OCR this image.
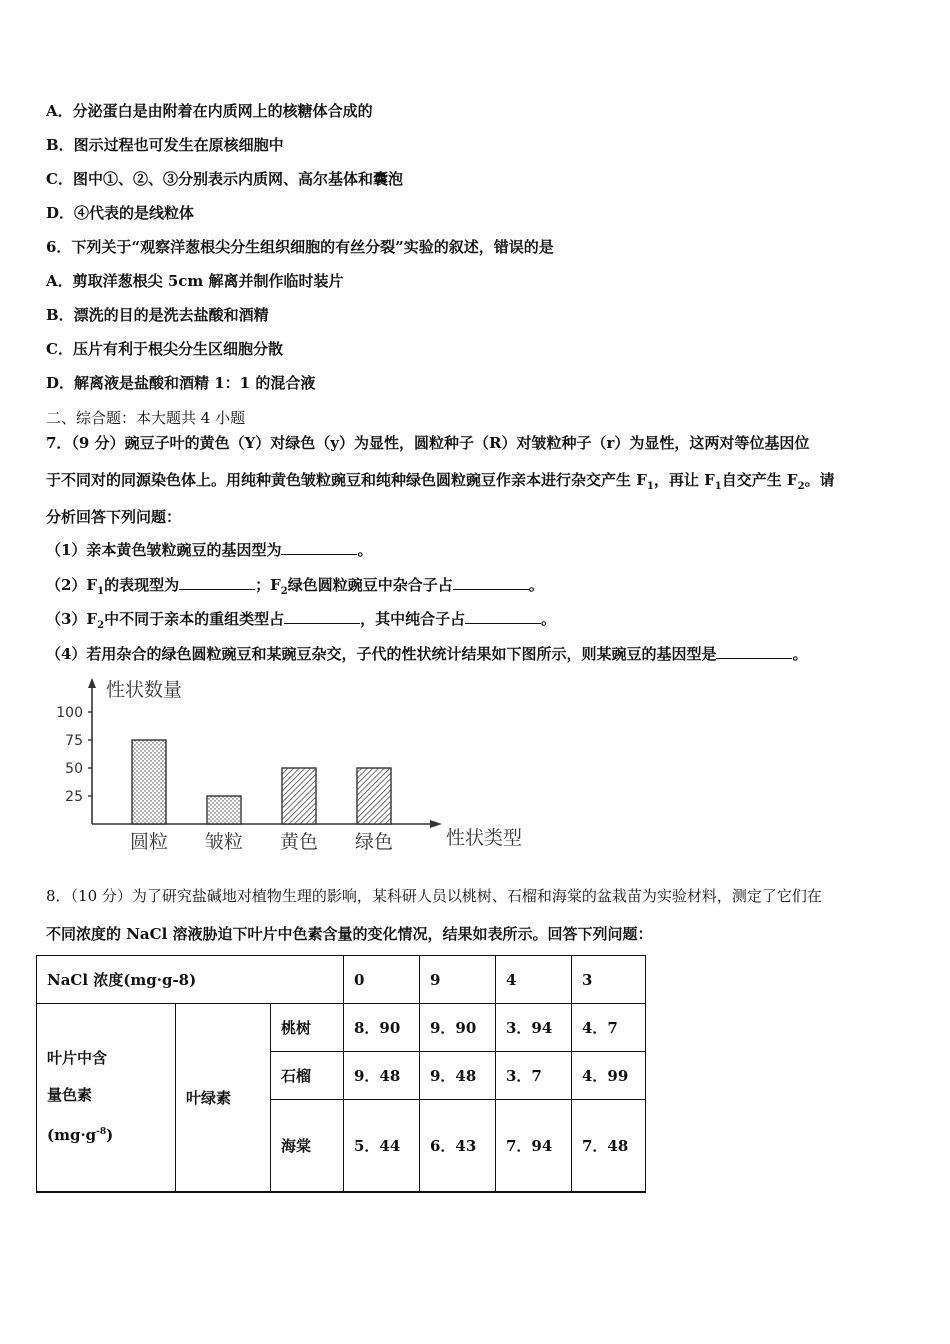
A．分泌蛋白是由附着在内质网上的核糖体合成的
B．图示过程也可发生在原核细胞中
C．图中①、②、③分别表示内质网、高尔基体和囊泡
D．④代表的是线粒体
6．下列关于“观察洋葱根尖分生组织细胞的有丝分裂”实验的叙述，错误的是
A．剪取洋葱根尖 5cm 解离并制作临时装片
B．漂洗的目的是洗去盐酸和酒精
C．压片有利于根尖分生区细胞分散
D．解离液是盐酸和酒精 1：1 的混合液
二、综合题：本大题共 4 小题
7．（9 分）豌豆子叶的黄色（Y）对绿色（y）为显性，圆粒种子（R）对皱粒种子（r）为显性，这两对等位基因位
于不同对的同源染色体上。用纯种黄色皱粒豌豆和纯种绿色圆粒豌豆作亲本进行杂交产生 $F_1$，再让 $F_1$自交产生 $F_2$。请
分析回答下列问题：
（1）亲本黄色皱粒豌豆的基因型为	。
$(2)F_1$的表现型为	；$F_2$绿色圆粒豌豆中杂合子占	。
$(3)F_2$中不同于亲本的重组类型占	，其中纯合子占	。
（4）若用杂合的绿色圆粒豌豆和某豌豆杂交，子代的性状统计结果如下图所示，则某豌豆的基因型是	。
性状数量
性状类型
25
50
75
100
圆粒 皱粒 黄色 绿色
8．（10 分）为了研究盐碱地对植物生理的影响，某科研人员以桃树、石榴和海棠的盆栽苗为实验材料，测定了它们在
不同浓度的 NaCl 溶液胁迫下叶片中色素含量的变化情况，结果如表所示。回答下列问题：
NaCl 浓度(mg·g-8)			0	9	4	3

叶片中含
量色素
$(mg\cdot g^{-8})$	叶绿素	桃树	8．90	9．90	3．94	4．7
		石榴	9．48	9．48	3．7	4．99
		海棠	5．44	6．43	7．94	7．48
